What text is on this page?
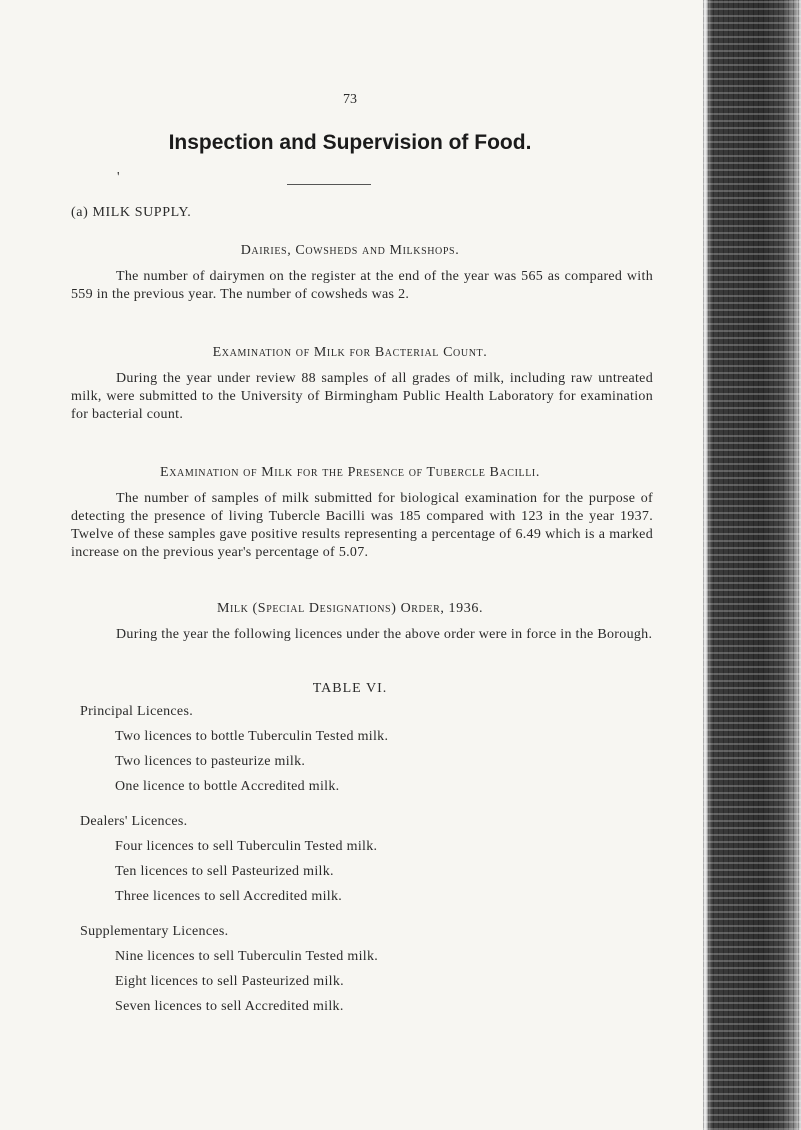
73
Inspection and Supervision of Food.
'
(a) MILK SUPPLY.
Dairies, Cowsheds and Milkshops.
The number of dairymen on the register at the end of the year was 565 as compared with 559 in the previous year. The number of cowsheds was 2.
Examination of Milk for Bacterial Count.
During the year under review 88 samples of all grades of milk, including raw untreated milk, were submitted to the University of Birmingham Public Health Laboratory for examination for bacterial count.
Examination of Milk for the Presence of Tubercle Bacilli.
The number of samples of milk submitted for biological examination for the purpose of detecting the presence of living Tubercle Bacilli was 185 compared with 123 in the year 1937. Twelve of these samples gave positive results representing a percentage of 6.49 which is a marked increase on the previous year's percentage of 5.07.
Milk (Special Designations) Order, 1936.
During the year the following licences under the above order were in force in the Borough.
TABLE VI.
Principal Licences.
Two licences to bottle Tuberculin Tested milk.
Two licences to pasteurize milk.
One licence to bottle Accredited milk.
Dealers' Licences.
Four licences to sell Tuberculin Tested milk.
Ten licences to sell Pasteurized milk.
Three licences to sell Accredited milk.
Supplementary Licences.
Nine licences to sell Tuberculin Tested milk.
Eight licences to sell Pasteurized milk.
Seven licences to sell Accredited milk.
